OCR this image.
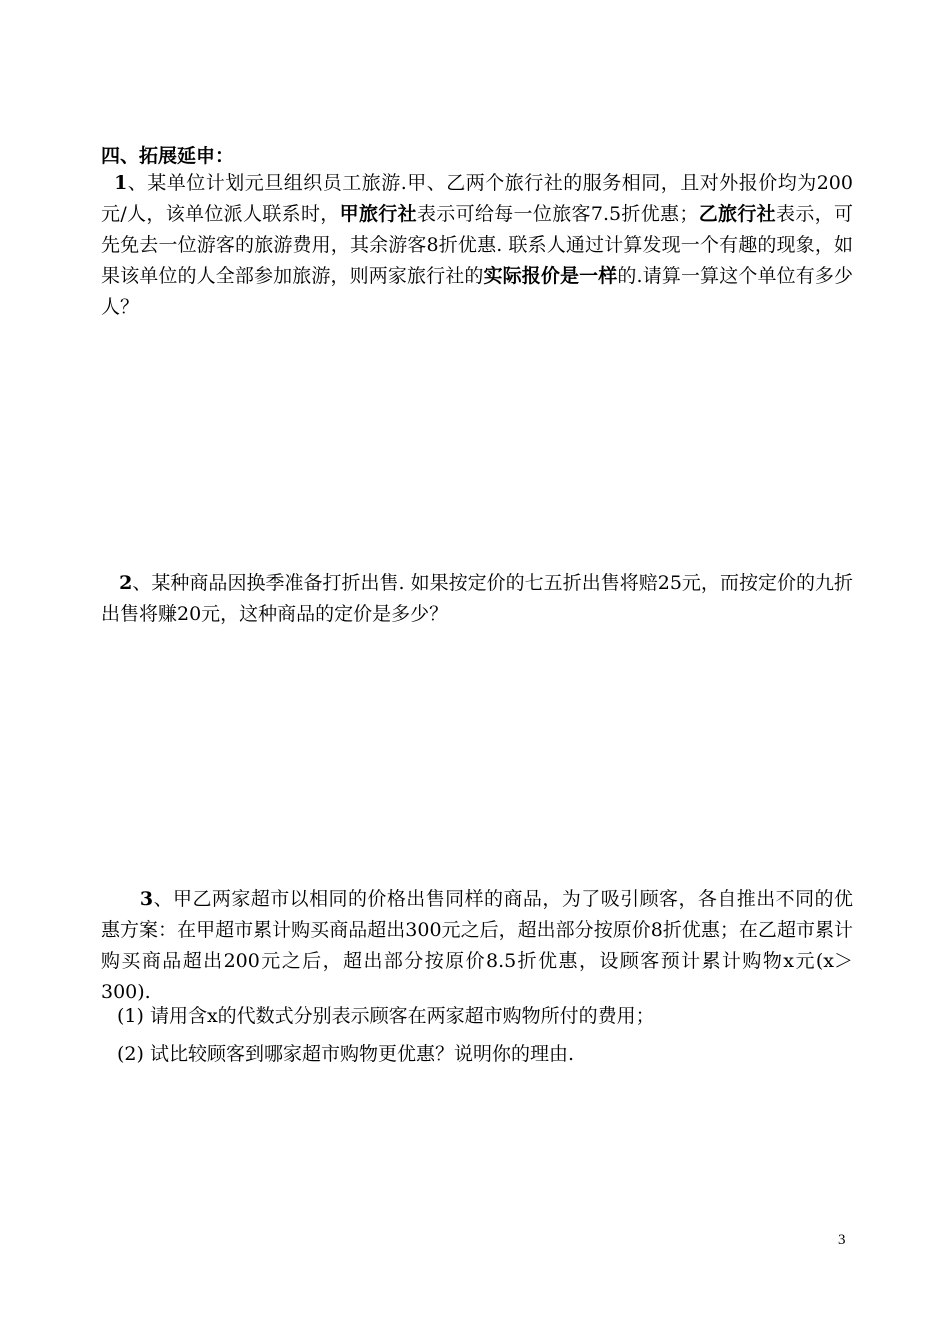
四、拓展延申：
1、某单位计划元旦组织员工旅游.甲、乙两个旅行社的服务相同，且对外报价均为200元/人，该单位派人联系时，甲旅行社表示可给每一位旅客7.5折优惠；乙旅行社表示，可先免去一位游客的旅游费用，其余游客8折优惠. 联系人通过计算发现一个有趣的现象，如果该单位的人全部参加旅游，则两家旅行社的实际报价是一样的.请算一算这个单位有多少人？
2、某种商品因换季准备打折出售. 如果按定价的七五折出售将赔25元，而按定价的九折出售将赚20元，这种商品的定价是多少？
3、甲乙两家超市以相同的价格出售同样的商品，为了吸引顾客，各自推出不同的优惠方案：在甲超市累计购买商品超出300元之后，超出部分按原价8折优惠；在乙超市累计购买商品超出200元之后，超出部分按原价8.5折优惠，设顾客预计累计购物x元(x＞300).
(1) 请用含x的代数式分别表示顾客在两家超市购物所付的费用；
(2) 试比较顾客到哪家超市购物更优惠？说明你的理由.
3
